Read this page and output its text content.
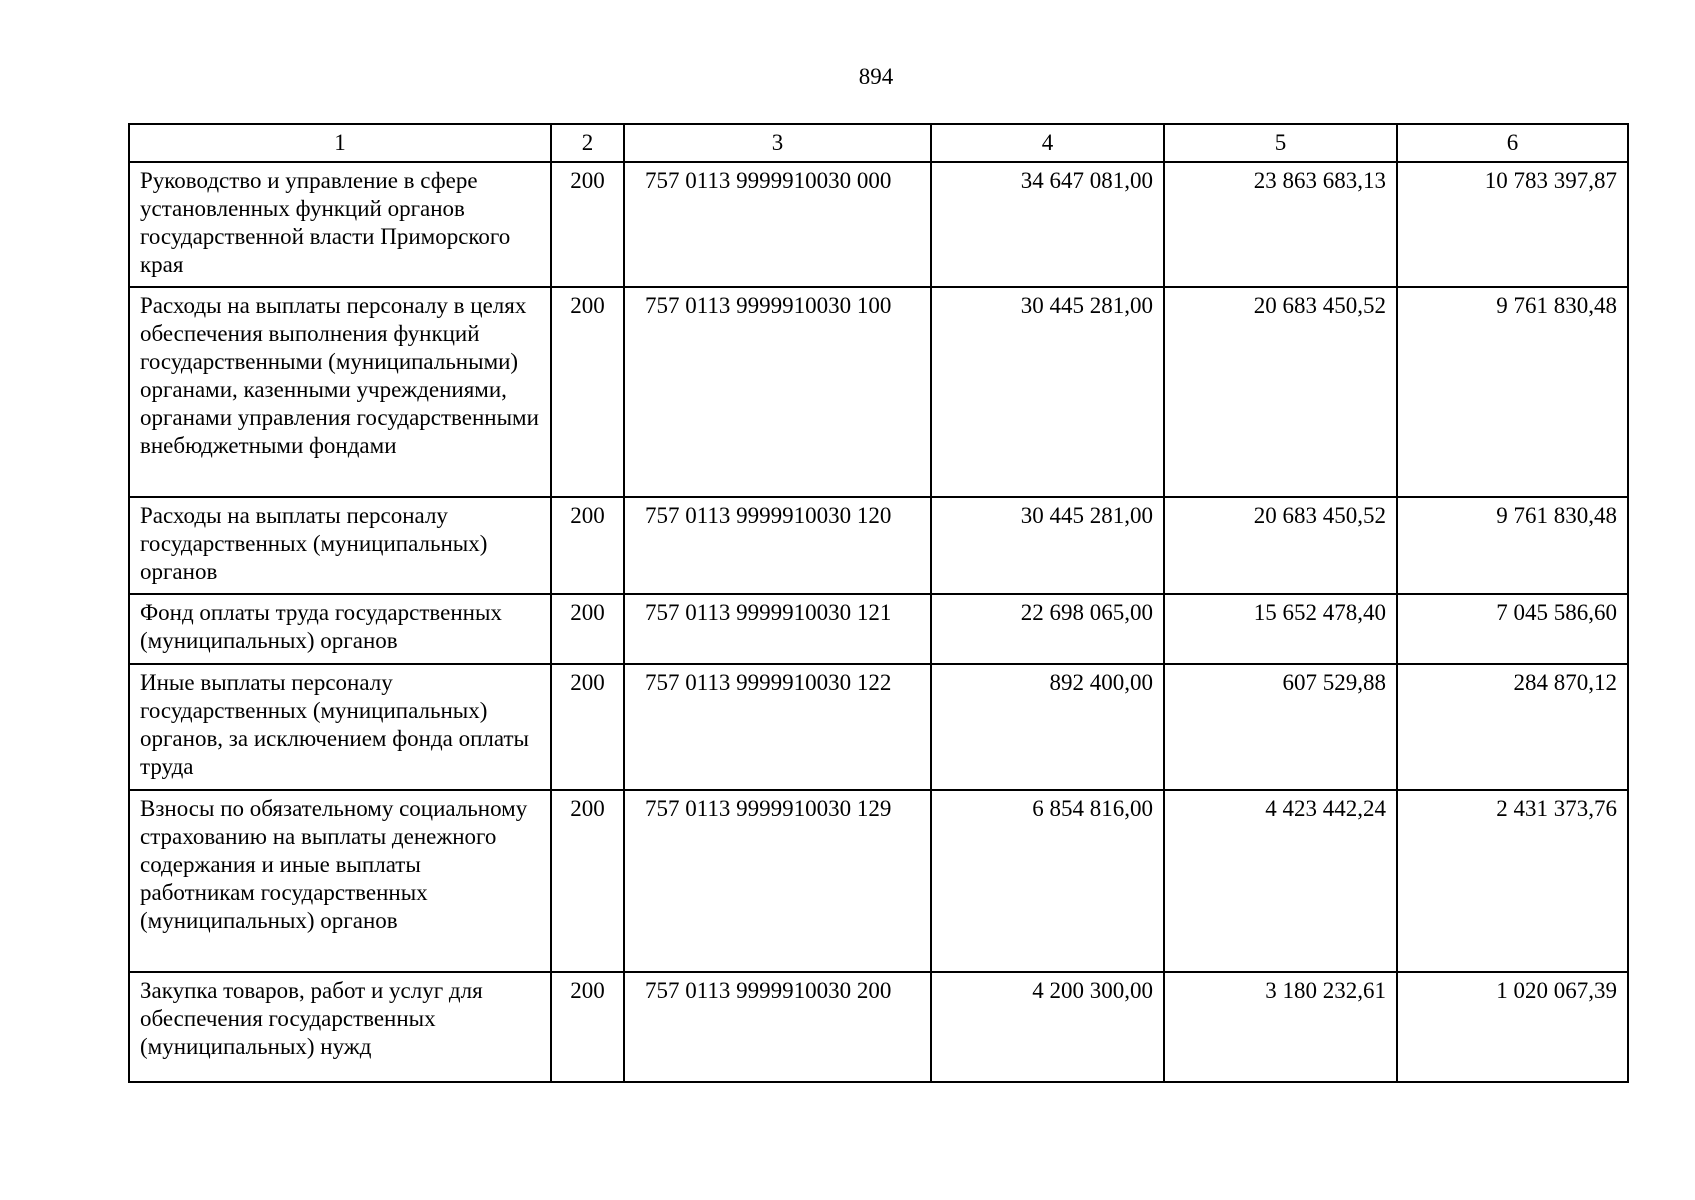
894
1	2	3	4	5	6
Руководство и управление в сфере установленных функций органов государственной власти Приморского края	200	757 0113 9999910030 000	34 647 081,00	23 863 683,13	10 783 397,87
Расходы на выплаты персоналу в целях обеспечения выполнения функций государственными (муниципальными) органами, казенными учреждениями, органами управления государственными внебюджетными фондами	200	757 0113 9999910030 100	30 445 281,00	20 683 450,52	9 761 830,48
Расходы на выплаты персоналу государственных (муниципальных) органов	200	757 0113 9999910030 120	30 445 281,00	20 683 450,52	9 761 830,48
Фонд оплаты труда государственных (муниципальных) органов	200	757 0113 9999910030 121	22 698 065,00	15 652 478,40	7 045 586,60
Иные выплаты персоналу государственных (муниципальных) органов, за исключением фонда оплаты труда	200	757 0113 9999910030 122	892 400,00	607 529,88	284 870,12
Взносы по обязательному социальному страхованию на выплаты денежного содержания и иные выплаты работникам государственных (муниципальных) органов	200	757 0113 9999910030 129	6 854 816,00	4 423 442,24	2 431 373,76
Закупка товаров, работ и услуг для обеспечения государственных (муниципальных) нужд	200	757 0113 9999910030 200	4 200 300,00	3 180 232,61	1 020 067,39
